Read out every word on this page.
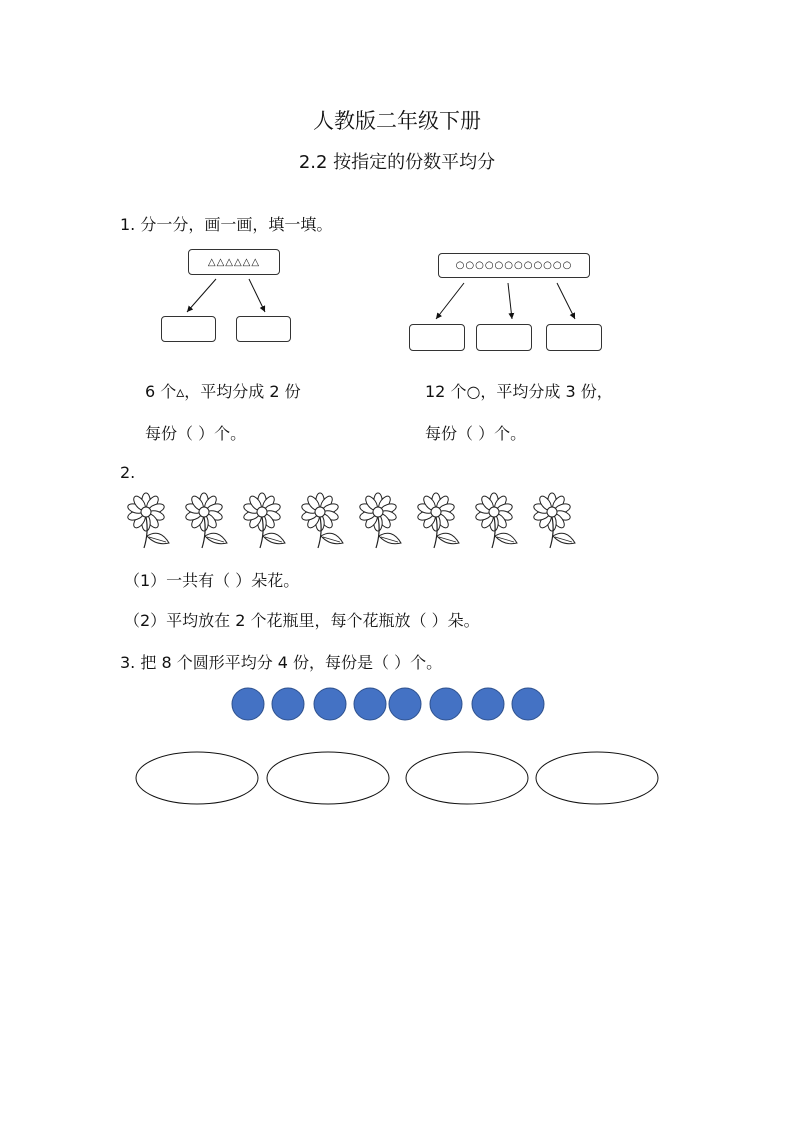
人教版二年级下册
2.2 按指定的份数平均分
1. 分一分，画一画，填一填。
△△△△△△	○○○○○○○○○○○○
6 个▵，平均分成 2 份
每份（ ）个。
12 个○，平均分成 3 份，
每份（ ）个。
2.
（1）一共有（ ）朵花。
（2）平均放在 2 个花瓶里，每个花瓶放（ ）朵。
3. 把 8 个圆形平均分 4 份，每份是（ ）个。
